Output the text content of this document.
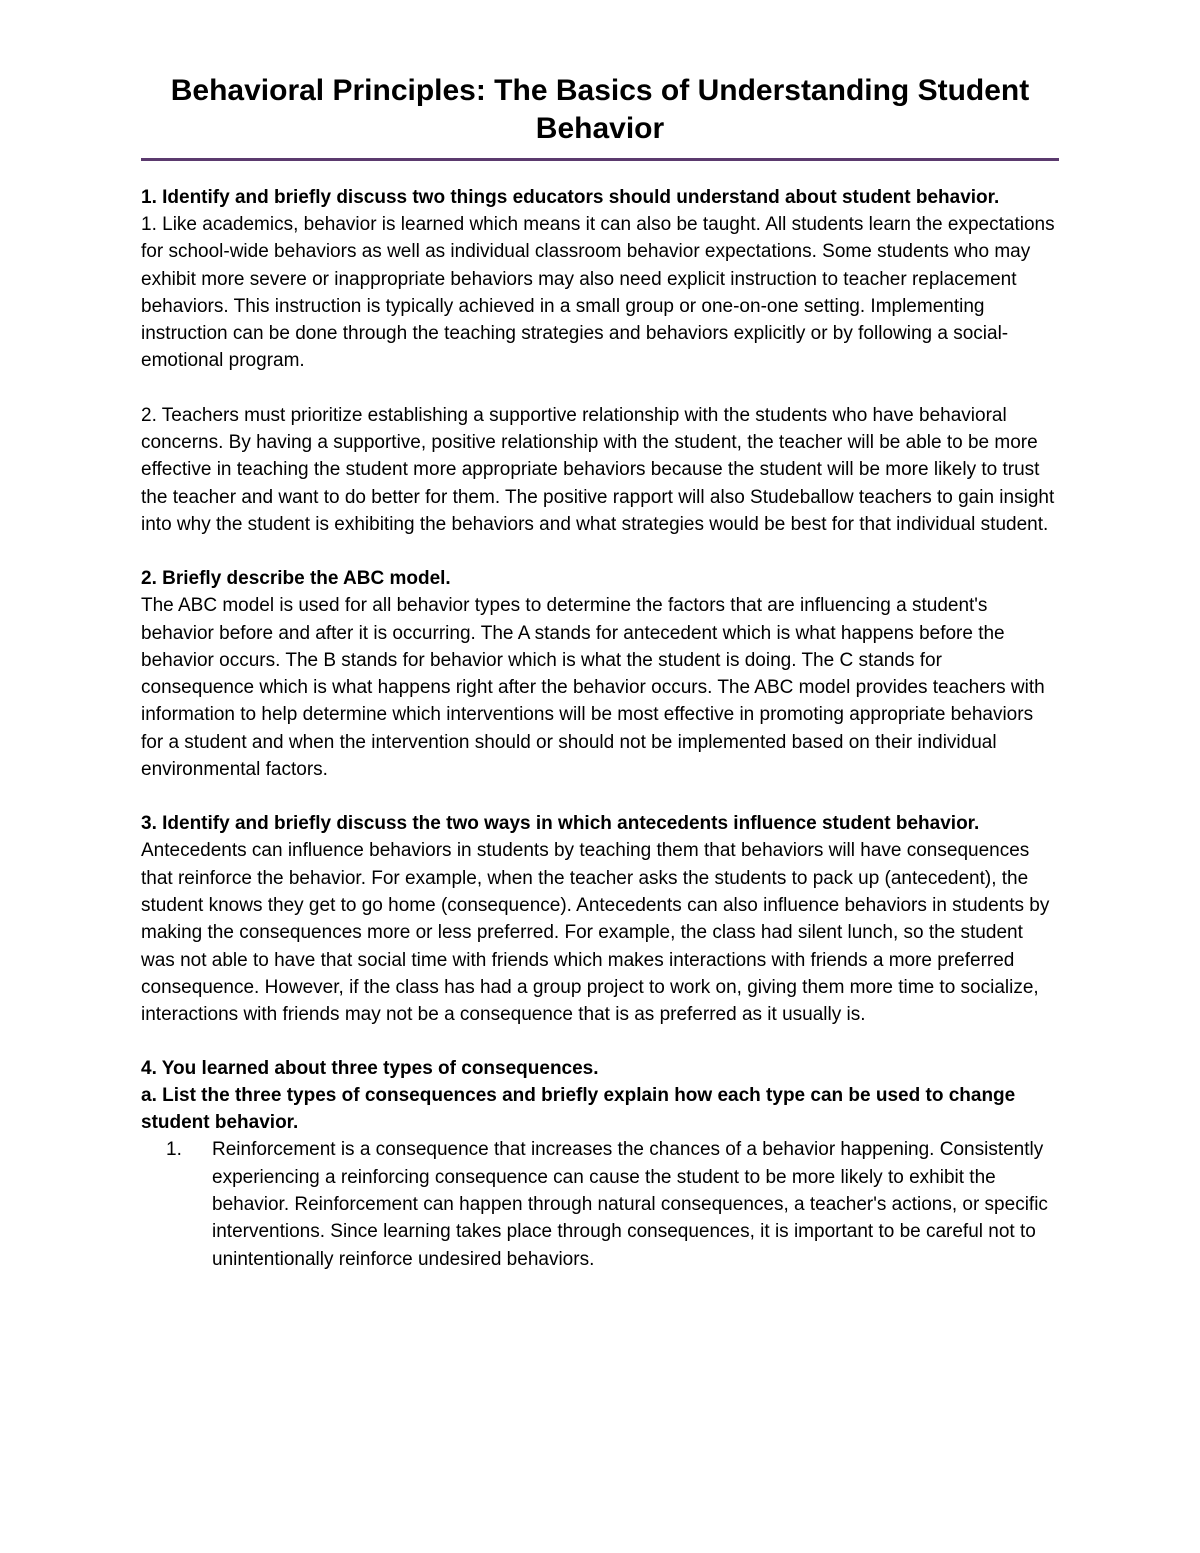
Behavioral Principles: The Basics of Understanding Student Behavior

1. Identify and briefly discuss two things educators should understand about student behavior.

1. Like academics, behavior is learned which means it can also be taught. All students learn the expectations for school-wide behaviors as well as individual classroom behavior expectations. Some students who may exhibit more severe or inappropriate behaviors may also need explicit instruction to teacher replacement behaviors. This instruction is typically achieved in a small group or one-on-one setting. Implementing instruction can be done through the teaching strategies and behaviors explicitly or by following a social-emotional program.

2. Teachers must prioritize establishing a supportive relationship with the students who have behavioral concerns. By having a supportive, positive relationship with the student, the teacher will be able to be more effective in teaching the student more appropriate behaviors because the student will be more likely to trust the teacher and want to do better for them. The positive rapport will also Studeballow teachers to gain insight into why the student is exhibiting the behaviors and what strategies would be best for that individual student.

2. Briefly describe the ABC model.

The ABC model is used for all behavior types to determine the factors that are influencing a student's behavior before and after it is occurring. The A stands for antecedent which is what happens before the behavior occurs. The B stands for behavior which is what the student is doing. The C stands for consequence which is what happens right after the behavior occurs. The ABC model provides teachers with information to help determine which interventions will be most effective in promoting appropriate behaviors for a student and when the intervention should or should not be implemented based on their individual environmental factors.

3. Identify and briefly discuss the two ways in which antecedents influence student behavior.

Antecedents can influence behaviors in students by teaching them that behaviors will have consequences that reinforce the behavior. For example, when the teacher asks the students to pack up (antecedent), the student knows they get to go home (consequence). Antecedents can also influence behaviors in students by making the consequences more or less preferred. For example, the class had silent lunch, so the student was not able to have that social time with friends which makes interactions with friends a more preferred consequence. However, if the class has had a group project to work on, giving them more time to socialize, interactions with friends may not be a consequence that is as preferred as it usually is.

4. You learned about three types of consequences.

a. List the three types of consequences and briefly explain how each type can be used to change student behavior.

1. Reinforcement is a consequence that increases the chances of a behavior happening. Consistently experiencing a reinforcing consequence can cause the student to be more likely to exhibit the behavior. Reinforcement can happen through natural consequences, a teacher's actions, or specific interventions. Since learning takes place through consequences, it is important to be careful not to unintentionally reinforce undesired behaviors.
